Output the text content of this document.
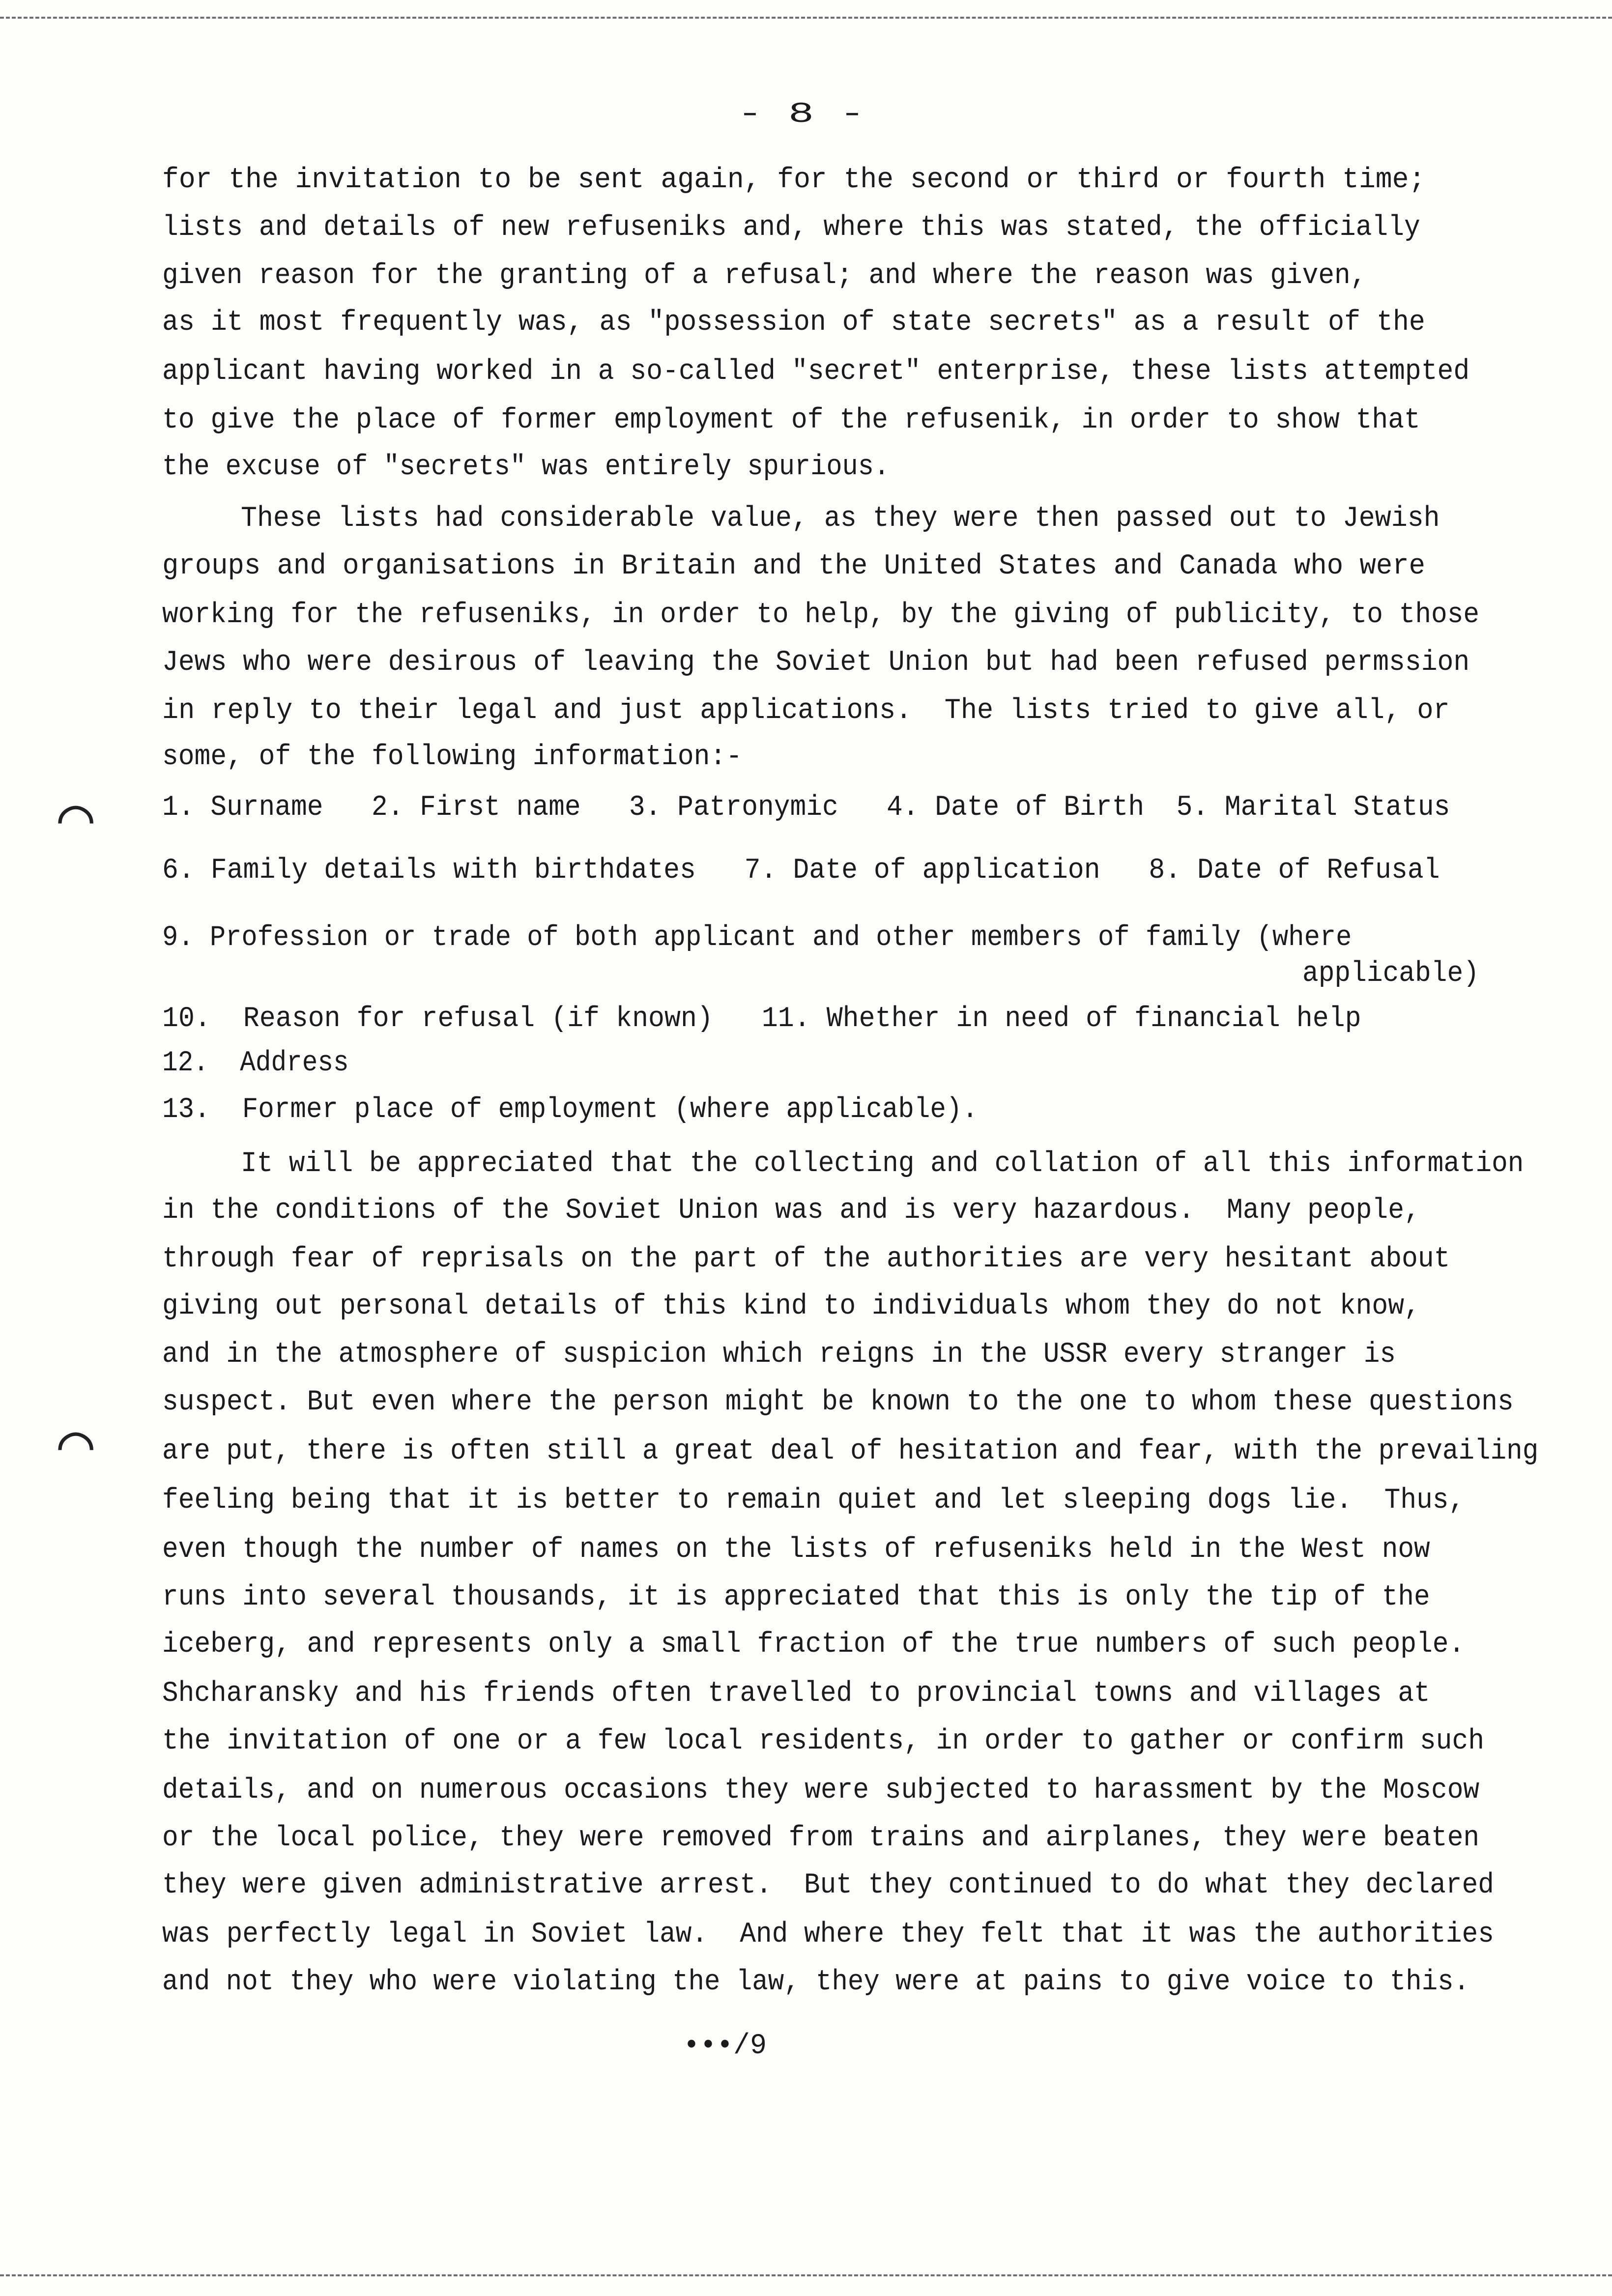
- 8 -
for the invitation to be sent again, for the second or third or fourth time;
lists and details of new refuseniks and, where this was stated, the officially
given reason for the granting of a refusal; and where the reason was given,
as it most frequently was, as "possession of state secrets" as a result of the
applicant having worked in a so-called "secret" enterprise, these lists attempted
to give the place of former employment of the refusenik, in order to show that
the excuse of "secrets" was entirely spurious.
These lists had considerable value, as they were then passed out to Jewish
groups and organisations in Britain and the United States and Canada who were
working for the refuseniks, in order to help, by the giving of publicity, to those
Jews who were desirous of leaving the Soviet Union but had been refused permssion
in reply to their legal and just applications.  The lists tried to give all, or
some, of the following information:-
1. Surname   2. First name   3. Patronymic   4. Date of Birth  5. Marital Status
6. Family details with birthdates   7. Date of application   8. Date of Refusal
9. Profession or trade of both applicant and other members of family (where
applicable)
10.  Reason for refusal (if known)   11. Whether in need of financial help
12.  Address
13.  Former place of employment (where applicable).
It will be appreciated that the collecting and collation of all this information
in the conditions of the Soviet Union was and is very hazardous.  Many people,
through fear of reprisals on the part of the authorities are very hesitant about
giving out personal details of this kind to individuals whom they do not know,
and in the atmosphere of suspicion which reigns in the USSR every stranger is
suspect. But even where the person might be known to the one to whom these questions
are put, there is often still a great deal of hesitation and fear, with the prevailing
feeling being that it is better to remain quiet and let sleeping dogs lie.  Thus,
even though the number of names on the lists of refuseniks held in the West now
runs into several thousands, it is appreciated that this is only the tip of the
iceberg, and represents only a small fraction of the true numbers of such people.
Shcharansky and his friends often travelled to provincial towns and villages at
the invitation of one or a few local residents, in order to gather or confirm such
details, and on numerous occasions they were subjected to harassment by the Moscow
or the local police, they were removed from trains and airplanes, they were beaten
they were given administrative arrest.  But they continued to do what they declared
was perfectly legal in Soviet law.  And where they felt that it was the authorities
and not they who were violating the law, they were at pains to give voice to this.
•••/9
⌒
⌒
